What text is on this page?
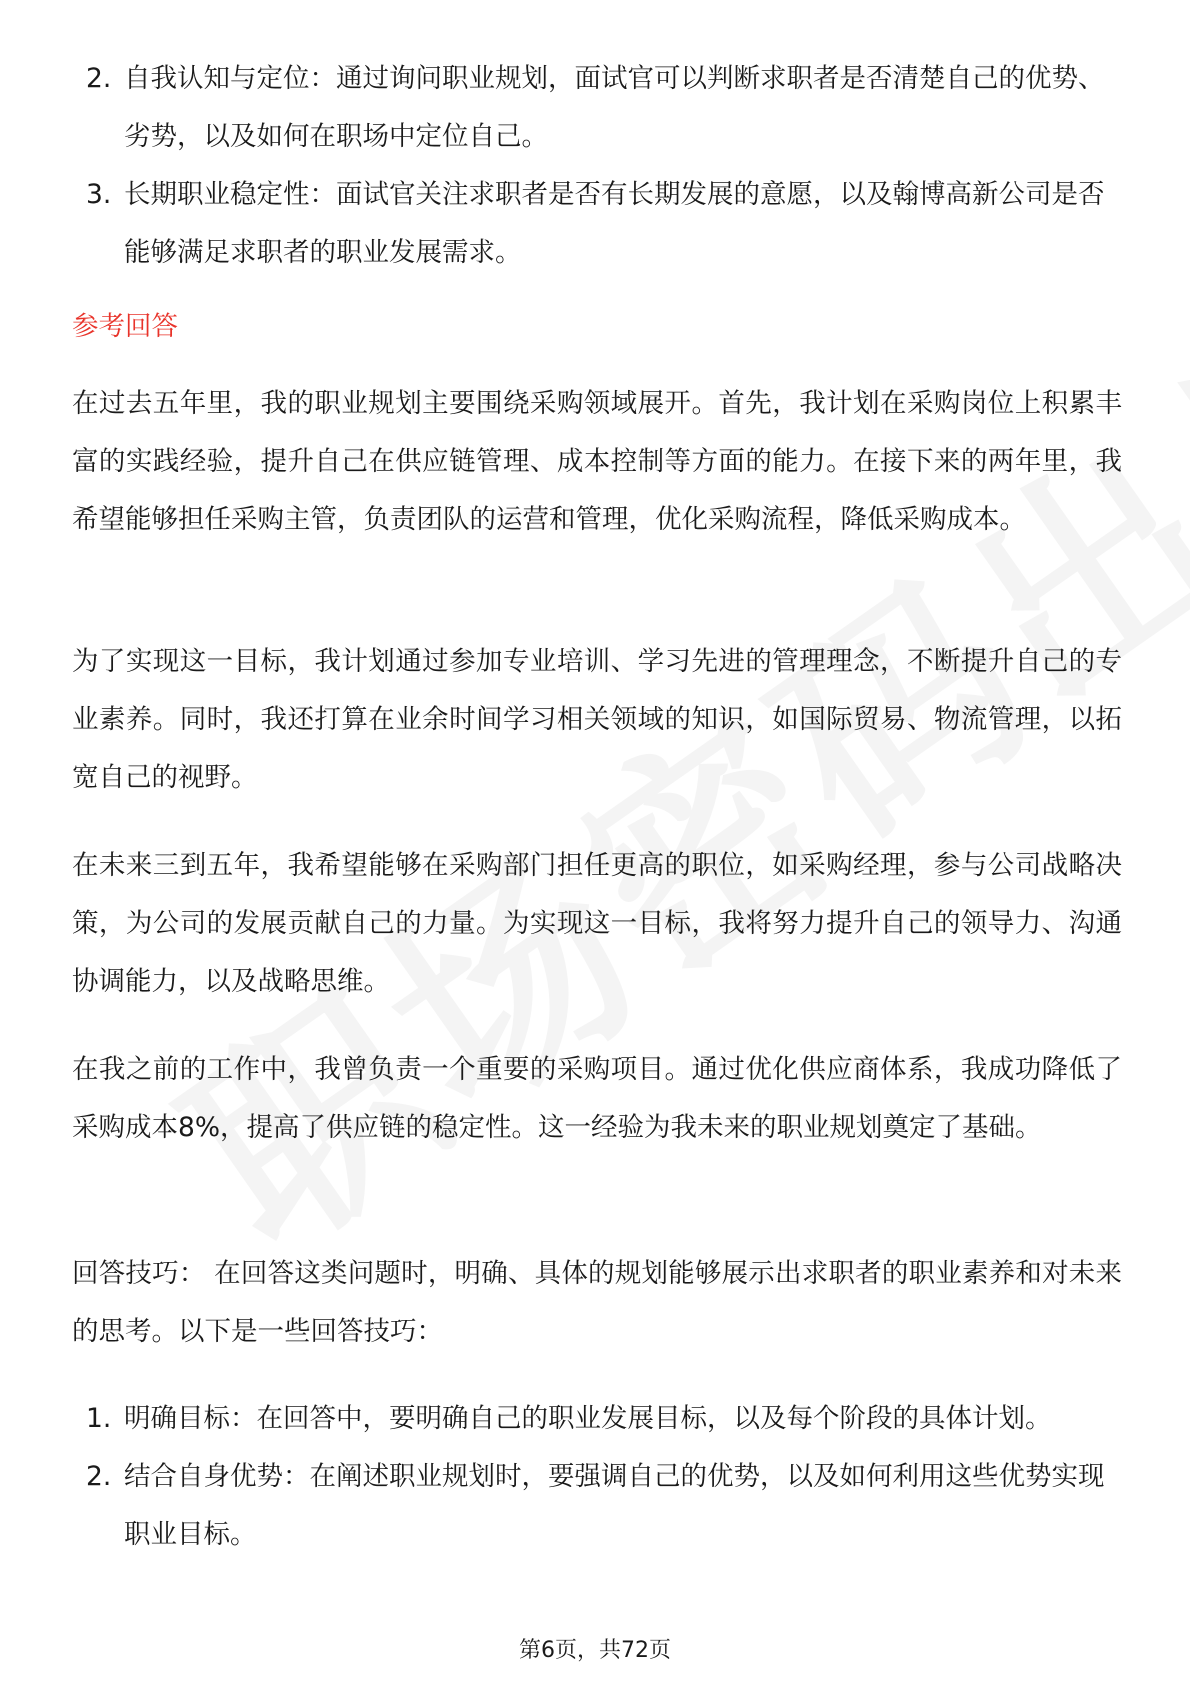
2. 自我认知与定位：通过询问职业规划，面试官可以判断求职者是否清楚自己的优势、劣势，以及如何在职场中定位自己。
3. 长期职业稳定性：面试官关注求职者是否有长期发展的意愿，以及翰博高新公司是否能够满足求职者的职业发展需求。
参考回答

在过去五年里，我的职业规划主要围绕采购领域展开。首先，我计划在采购岗位上积累丰富的实践经验，提升自己在供应链管理、成本控制等方面的能力。在接下来的两年里，我希望能够担任采购主管，负责团队的运营和管理，优化采购流程，降低采购成本。

为了实现这一目标，我计划通过参加专业培训、学习先进的管理理念，不断提升自己的专业素养。同时，我还打算在业余时间学习相关领域的知识，如国际贸易、物流管理，以拓宽自己的视野。

在未来三到五年，我希望能够在采购部门担任更高的职位，如采购经理，参与公司战略决策，为公司的发展贡献自己的力量。为实现这一目标，我将努力提升自己的领导力、沟通协调能力，以及战略思维。

在我之前的工作中，我曾负责一个重要的采购项目。通过优化供应商体系，我成功降低了采购成本8%，提高了供应链的稳定性。这一经验为我未来的职业规划奠定了基础。

回答技巧： 在回答这类问题时，明确、具体的规划能够展示出求职者的职业素养和对未来的思考。以下是一些回答技巧：

1. 明确目标：在回答中，要明确自己的职业发展目标，以及每个阶段的具体计划。
2. 结合自身优势：在阐述职业规划时，要强调自己的优势，以及如何利用这些优势实现职业目标。
第6页，共72页
